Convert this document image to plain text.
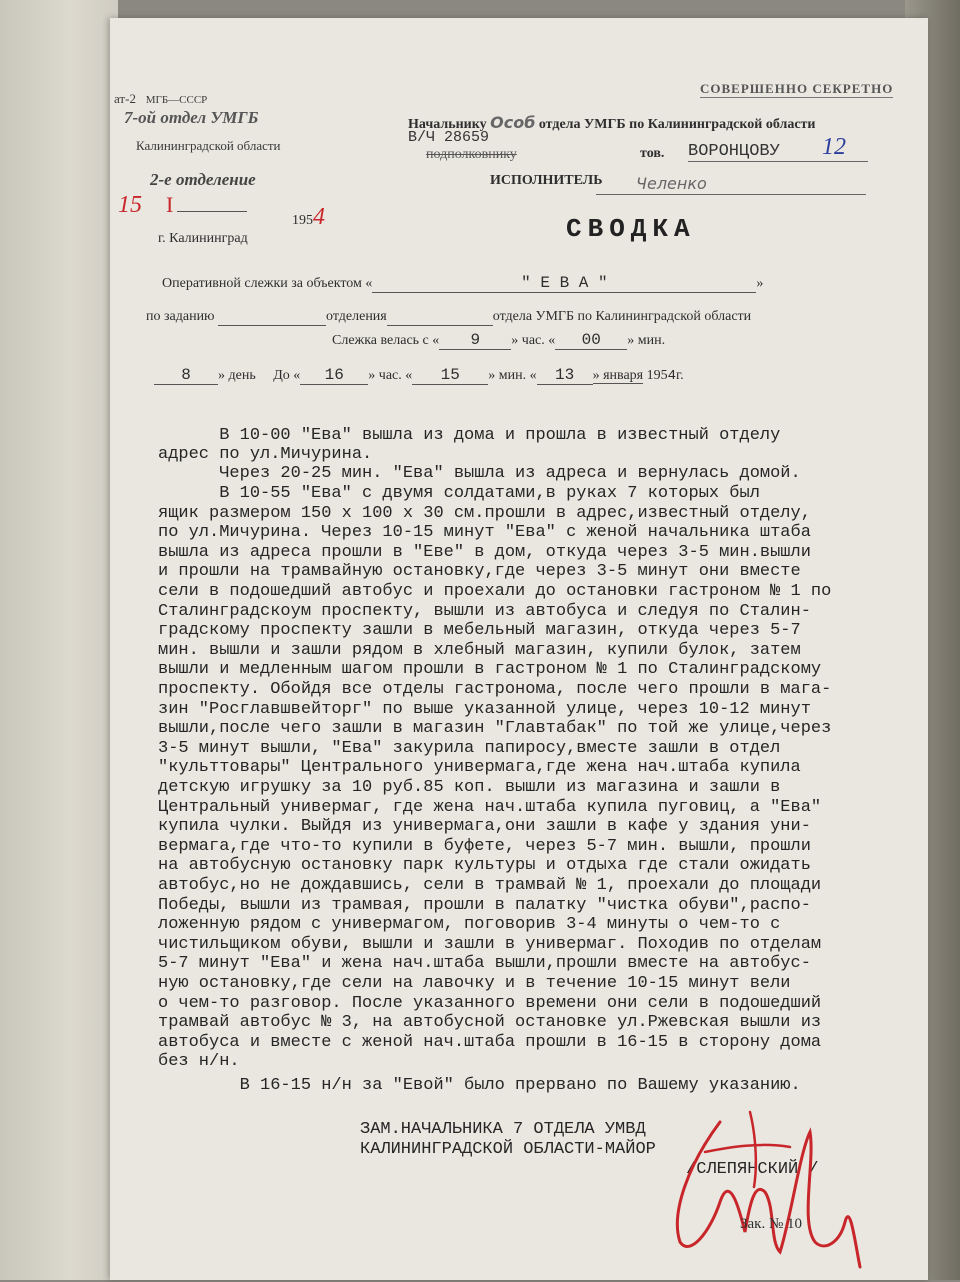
ат-2 МГБ—СССР
7-ой отдел УМГБ
Калининградской области
2-е отделение
15 I
1954
г. Калининград
СОВЕРШЕННО СЕКРЕТНО
Начальнику Особ отдела УМГБ по Калининградской области
В/Ч 28659
подполковнику	тов. ВОРОНЦОВУ	12
ИСПОЛНИТЕЛЬ	Челенко
СВОДКА
Оперативной слежки за объектом «	" Е В А "	»
по заданию	отделения	отдела УМГБ по Калининградской области
Слежка велась с « 9 » час. « 00 » мин.
8 » день До « 16 » час. « 15 » мин. « 13 » января 1954г.
В 10-00 "Ева" вышла из дома и прошла в известный отделу
адрес по ул.Мичурина.
Через 20-25 мин. "Ева" вышла из адреса и вернулась домой.
В 10-55 "Ева" с двумя солдатами,в руках 7 которых был
ящик размером 150 х 100 х 30 см.прошли в адрес,известный отделу,
по ул.Мичурина. Через 10-15 минут "Ева" с женой начальника штаба
вышла из адреса прошли в "Еве" в дом, откуда через 3-5 мин.вышли
и прошли на трамвайную остановку,где через 3-5 минут они вместе
сели в подошедший автобус и проехали до остановки гастроном № 1 по
Сталинградскоум проспекту, вышли из автобуса и следуя по Сталин-
градскому проспекту зашли в мебельный магазин, откуда через 5-7
мин. вышли и зашли рядом в хлебный магазин, купили булок, затем
вышли и медленным шагом прошли в гастроном № 1 по Сталинградскому
проспекту. Обойдя все отделы гастронома, после чего прошли в мага-
зин "Росглавшвейторг" по выше указанной улице, через 10-12 минут
вышли,после чего зашли в магазин "Главтабак" по той же улице,через
3-5 минут вышли, "Ева" закурила папиросу,вместе зашли в отдел
"культтовары" Центрального универмага,где жена нач.штаба купила
детскую игрушку за 10 руб.85 коп. вышли из магазина и зашли в
Центральный универмаг, где жена нач.штаба купила пуговиц, а "Ева"
купила чулки. Выйдя из универмага,они зашли в кафе у здания уни-
вермага,где что-то купили в буфете, через 5-7 мин. вышли, прошли
на автобусную остановку парк культуры и отдыха где стали ожидать
автобус,но не дождавшись, сели в трамвай № 1, проехали до площади
Победы, вышли из трамвая, прошли в палатку "чистка обуви",распо-
ложенную рядом с универмагом, поговорив 3-4 минуты о чем-то с
чистильщиком обуви, вышли и зашли в универмаг. Походив по отделам
5-7 минут "Ева" и жена нач.штаба вышли,прошли вместе на автобус-
ную остановку,где сели на лавочку и в течение 10-15 минут вели
о чем-то разговор. После указанного времени они сели в подошедший
трамвай автобус № 3, на автобусной остановке ул.Ржевская вышли из
автобуса и вместе с женой нач.штаба прошли в 16-15 в сторону дома
без н/н.
В 16-15 н/н за "Евой" было прервано по Вашему указанию.
ЗАМ.НАЧАЛЬНИКА 7 ОТДЕЛА УМВД
КАЛИНИНГРАДСКОЙ ОБЛАСТИ-МАЙОР
/СЛЕПЯНСКИЙ /
Зак. № 10
